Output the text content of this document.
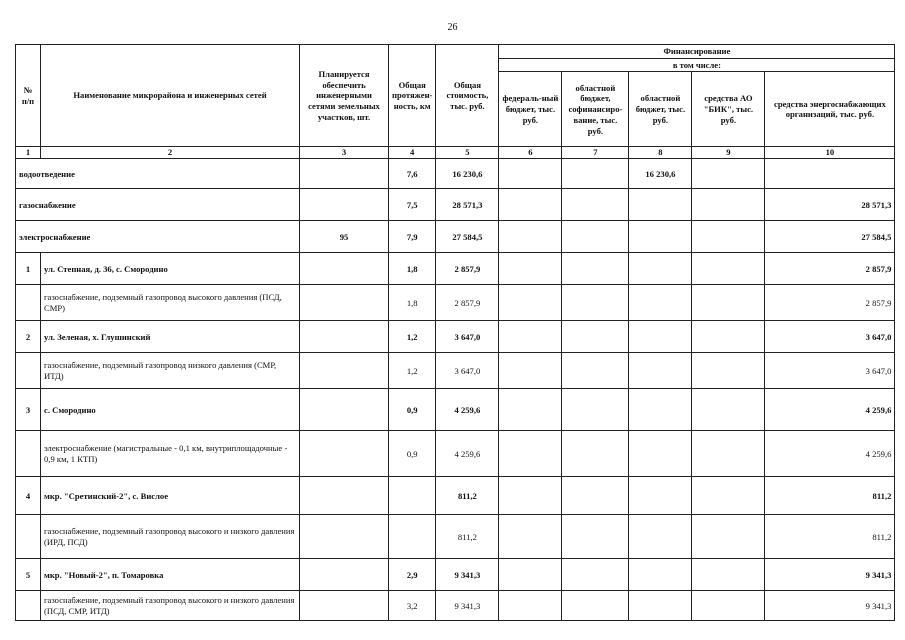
26
№ п/п	Наименование микрорайона и инженерных сетей	Планируется обеспечить инженерными сетями земельных участков, шт.	Общая протяжен-ность, км	Общая стоимость, тыс. руб.	Финансирование				
					в том числе:				
					федераль-ный бюджет, тыс. руб.	областной бюджет, софинансиро-вание, тыс. руб.	областной бюджет, тыс. руб.	средства АО "БИК", тыс. руб.	средства энергоснабжающих организаций, тыс. руб.
1	2	3	4	5	6	7	8	9	10
водоотведение			7,6	16 230,6			16 230,6		
газоснабжение			7,5	28 571,3					28 571,3
электроснабжение		95	7,9	27 584,5					27 584,5
1	ул. Степная, д. 36, с. Смородино		1,8	2 857,9					2 857,9
	газоснабжение, подземный газопровод высокого давления (ПСД, СМР)		1,8	2 857,9					2 857,9
2	ул. Зеленая, х. Глушинский		1,2	3 647,0					3 647,0
	газоснабжение, подземный газопровод низкого давления (СМР, ИТД)		1,2	3 647,0					3 647,0
3	с. Смородино		0,9	4 259,6					4 259,6
	электроснабжение (магистральные - 0,1 км, внутриплощадочные - 0,9 км, 1 КТП)		0,9	4 259,6					4 259,6
4	мкр. "Сретинский-2", с. Вислое			811,2					811,2
	газоснабжение, подземный газопровод высокого и низкого давления (ИРД, ПСД)			811,2					811,2
5	мкр. "Новый-2", п. Томаровка		2,9	9 341,3					9 341,3
	газоснабжение, подземный газопровод высокого и низкого давления (ПСД, СМР, ИТД)		3,2	9 341,3					9 341,3
